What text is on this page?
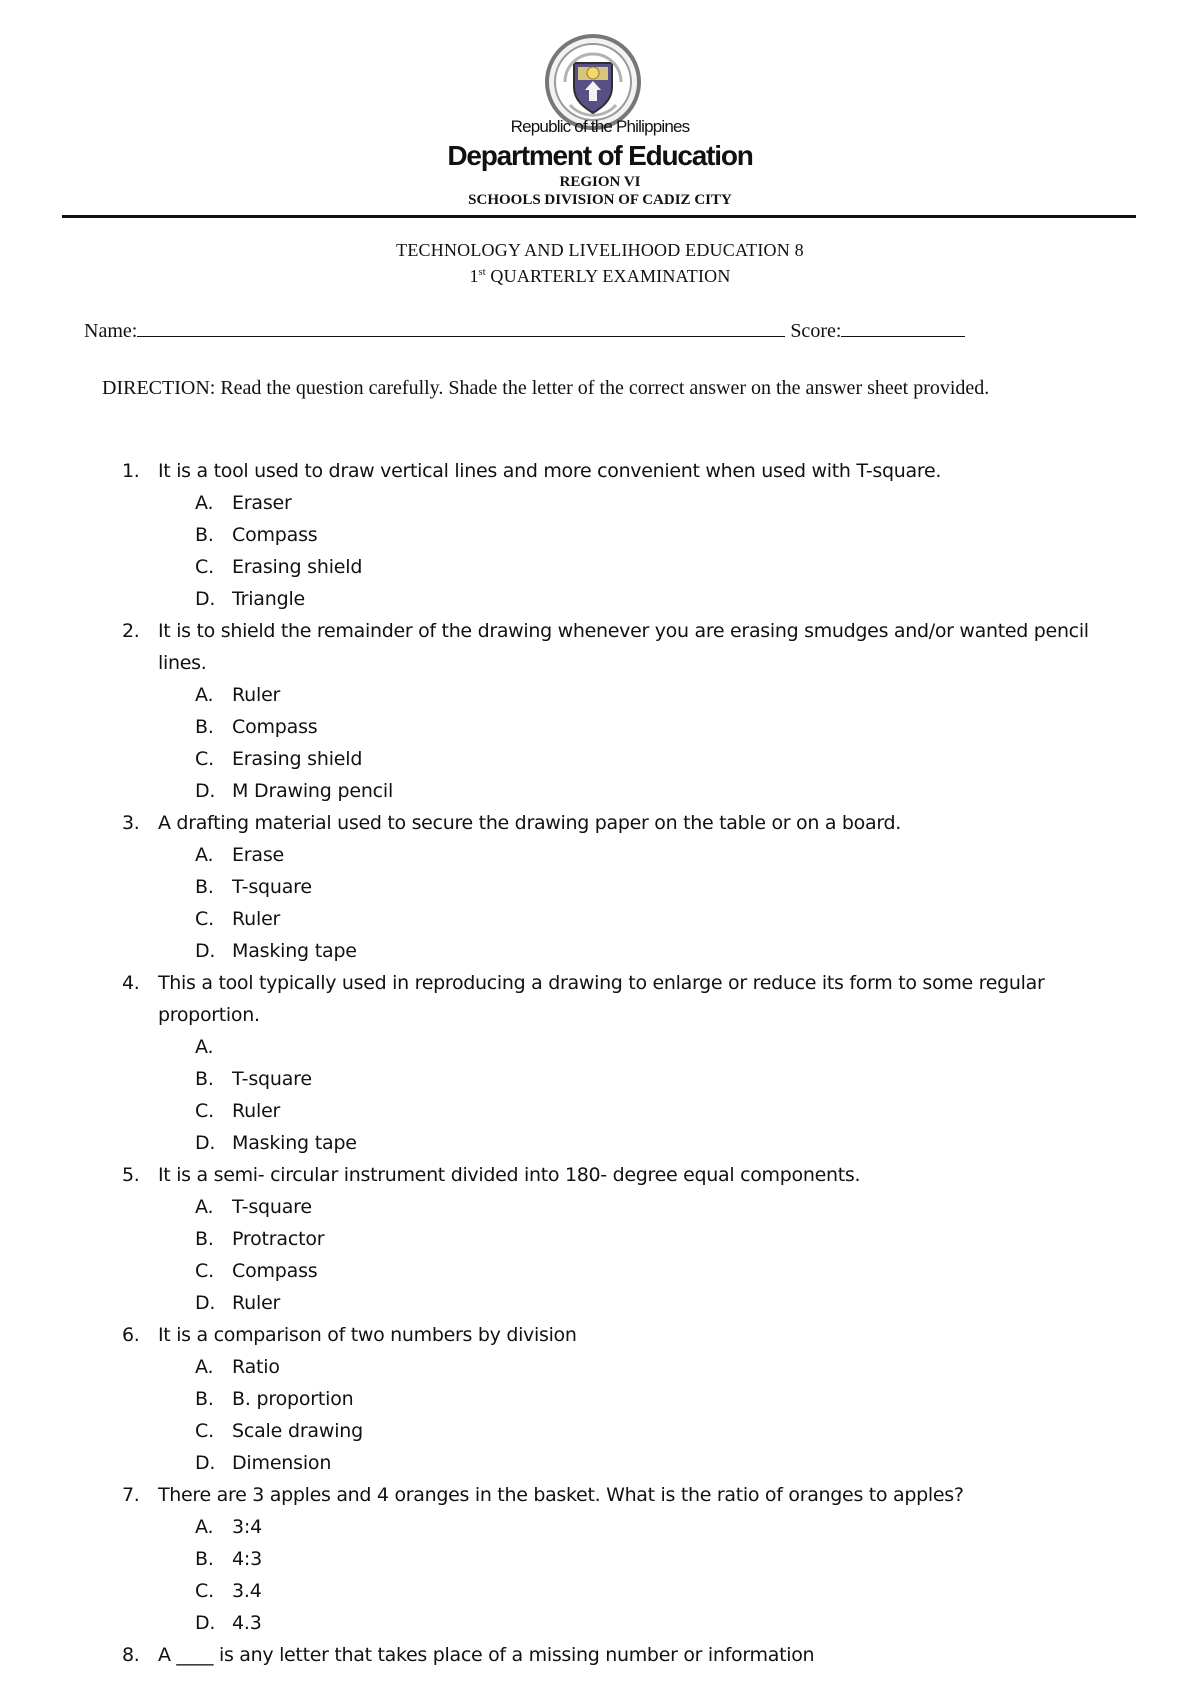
Republic of the Philippines
Department of Education
REGION VI
SCHOOLS DIVISION OF CADIZ CITY
TECHNOLOGY AND LIVELIHOOD EDUCATION 8
1st QUARTERLY EXAMINATION
Name:	Score:
DIRECTION: Read the question carefully. Shade the letter of the correct answer on the answer sheet provided.
1. It is a tool used to draw vertical lines and more convenient when used with T-square.
A. Eraser
B. Compass
C. Erasing shield
D. Triangle
2. It is to shield the remainder of the drawing whenever you are erasing smudges and/or wanted pencil lines.
A. Ruler
B. Compass
C. Erasing shield
D. M Drawing pencil
3. A drafting material used to secure the drawing paper on the table or on a board.
A. Erase
B. T-square
C. Ruler
D. Masking tape
4. This a tool typically used in reproducing a drawing to enlarge or reduce its form to some regular proportion.
A.
B. T-square
C. Ruler
D. Masking tape
5. It is a semi- circular instrument divided into 180- degree equal components.
A. T-square
B. Protractor
C. Compass
D. Ruler
6. It is a comparison of two numbers by division
A. Ratio
B. B. proportion
C. Scale drawing
D. Dimension
7. There are 3 apples and 4 oranges in the basket. What is the ratio of oranges to apples?
A. 3:4
B. 4:3
C. 3.4
D. 4.3
8. A ____ is any letter that takes place of a missing number or information
